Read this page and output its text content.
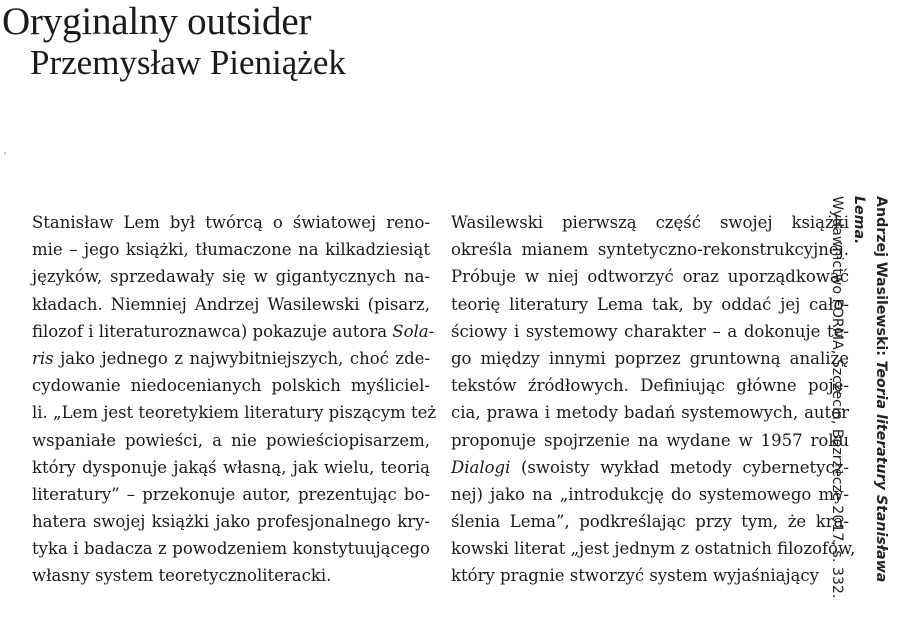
Oryginalny outsider
Przemysław Pieniążek
Stanisław Lem był twórcą o światowej reno-
mie – jego książki, tłumaczone na kilkadziesiąt
języków, sprzedawały się w gigantycznych na-
kładach. Niemniej Andrzej Wasilewski (pisarz,
filozof i literaturoznawca) pokazuje autora Sola-
ris jako jednego z najwybitniejszych, choć zde-
cydowanie niedocenianych polskich myśliciel-
li. „Lem jest teoretykiem literatury piszącym też
wspaniałe powieści, a nie powieściopisarzem,
który dysponuje jakąś własną, jak wielu, teorią
literatury” – przekonuje autor, prezentując bo-
hatera swojej książki jako profesjonalnego kry-
tyka i badacza z powodzeniem konstytuującego
własny system teoretycznoliteracki.
Wasilewski pierwszą część swojej książki
określa mianem syntetyczno-rekonstrukcyjnej.
Próbuje w niej odtworzyć oraz uporządkować
teorię literatury Lema tak, by oddać jej cało-
ściowy i systemowy charakter – a dokonuje te-
go między innymi poprzez gruntowną analizę
tekstów źródłowych. Definiując główne poję-
cia, prawa i metody badań systemowych, autor
proponuje spojrzenie na wydane w 1957 roku
Dialogi (swoisty wykład metody cybernetycz-
nej) jako na „introdukcję do systemowego my-
ślenia Lema”, podkreślając przy tym, że kra-
kowski literat „jest jednym z ostatnich filozofów,
który pragnie stworzyć system wyjaśniający
Andrzej Wasilewski: Teoria literatury Stanisława Lema.
Wydawnictwo FORMA, Szczecin, Bezrzecze 2017, s. 332.
